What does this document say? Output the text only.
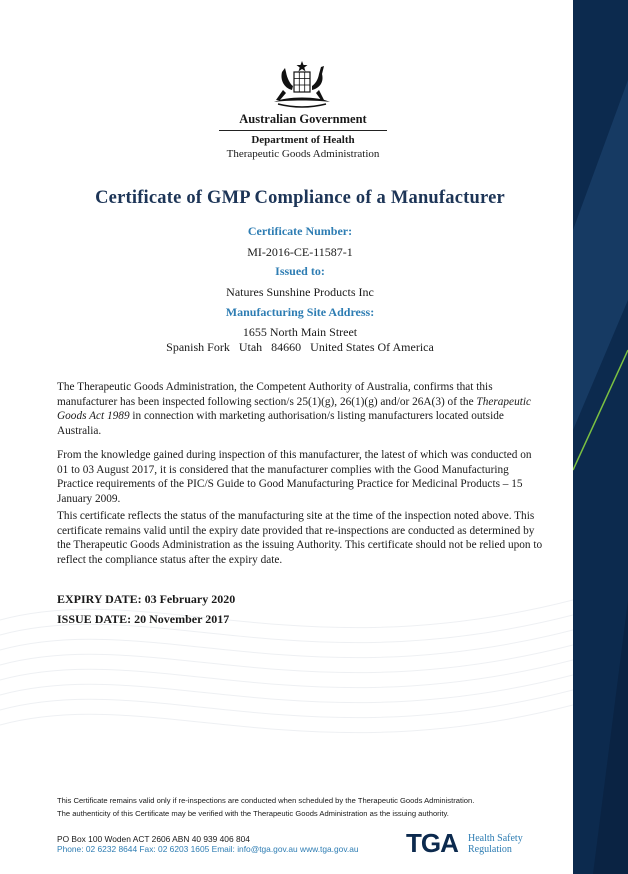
Australian Government
Department of Health
Therapeutic Goods Administration
Certificate of GMP Compliance of a Manufacturer
Certificate Number:
MI-2016-CE-11587-1
Issued to:
Natures Sunshine Products Inc
Manufacturing Site Address:
1655 North Main Street
Spanish Fork   Utah   84660   United States Of America
The Therapeutic Goods Administration, the Competent Authority of Australia, confirms that this manufacturer has been inspected following section/s 25(1)(g), 26(1)(g) and/or 26A(3) of the Therapeutic Goods Act 1989 in connection with marketing authorisation/s listing manufacturers located outside Australia.
From the knowledge gained during inspection of this manufacturer, the latest of which was conducted on 01 to 03 August 2017, it is considered that the manufacturer complies with the Good Manufacturing Practice requirements of the PIC/S Guide to Good Manufacturing Practice for Medicinal Products – 15 January 2009.
This certificate reflects the status of the manufacturing site at the time of the inspection noted above. This certificate remains valid until the expiry date provided that re-inspections are conducted as determined by the Therapeutic Goods Administration as the issuing Authority. This certificate should not be relied upon to reflect the compliance status after the expiry date.
EXPIRY DATE: 03 February 2020
ISSUE DATE: 20 November 2017
This Certificate remains valid only if re-inspections are conducted when scheduled by the Therapeutic Goods Administration.
The authenticity of this Certificate may be verified with the Therapeutic Goods Administration as the issuing authority.
PO Box 100 Woden ACT 2606 ABN 40 939 406 804
Phone: 02 6232 8644 Fax: 02 6203 1605 Email: info@tga.gov.au www.tga.gov.au TGA Health Safety
Regulation
